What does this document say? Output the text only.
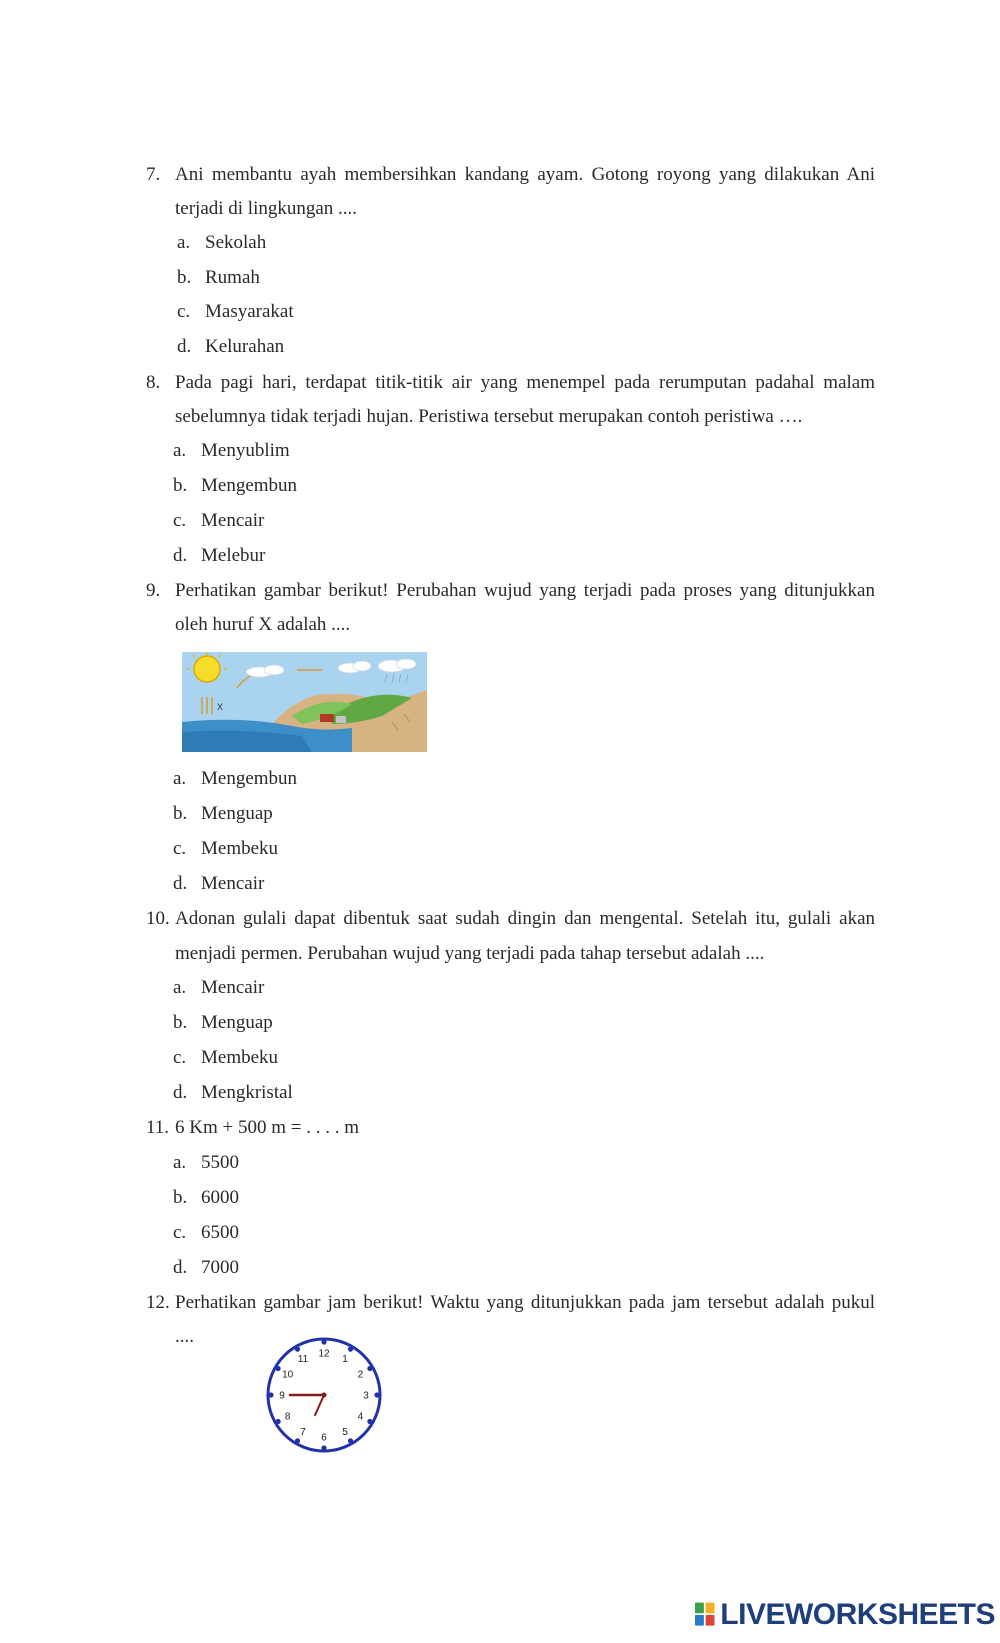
7. Ani membantu ayah membersihkan kandang ayam. Gotong royong yang dilakukan Ani
terjadi di lingkungan ....
a. Sekolah
b. Rumah
c. Masyarakat
d. Kelurahan
8. Pada pagi hari, terdapat titik-titik air yang menempel pada rerumputan padahal malam
sebelumnya tidak terjadi hujan. Peristiwa tersebut merupakan contoh peristiwa ….
a. Menyublim
b. Mengembun
c. Mencair
d. Melebur
9. Perhatikan gambar berikut! Perubahan wujud yang terjadi pada proses yang ditunjukkan
oleh huruf X adalah ....
X
a. Mengembun
b. Menguap
c. Membeku
d. Mencair
10. Adonan gulali dapat dibentuk saat sudah dingin dan mengental. Setelah itu, gulali akan
menjadi permen. Perubahan wujud yang terjadi pada tahap tersebut adalah ....
a. Mencair
b. Menguap
c. Membeku
d. Mengkristal
11. 6 Km + 500 m = . . . . m
a. 5500
b. 6000
c. 6500
d. 7000
12. Perhatikan gambar jam berikut! Waktu yang ditunjukkan pada jam tersebut adalah pukul
....
12
1
2
3
4
5
6
7
8
9
10
11
LIVEWORKSHEETS
